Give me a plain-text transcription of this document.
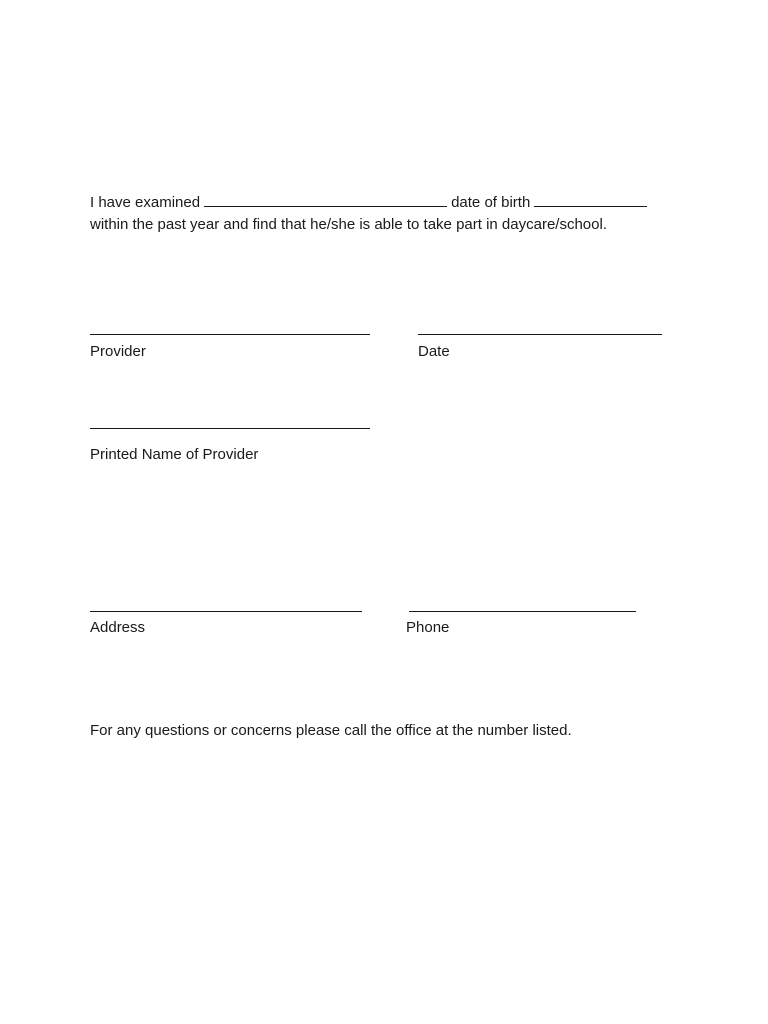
I have examined	date of birth
within the past year and find that he/she is able to take part in daycare/school.
Provider	Date
Printed Name of Provider
Address	Phone
For any questions or concerns please call the office at the number listed.
